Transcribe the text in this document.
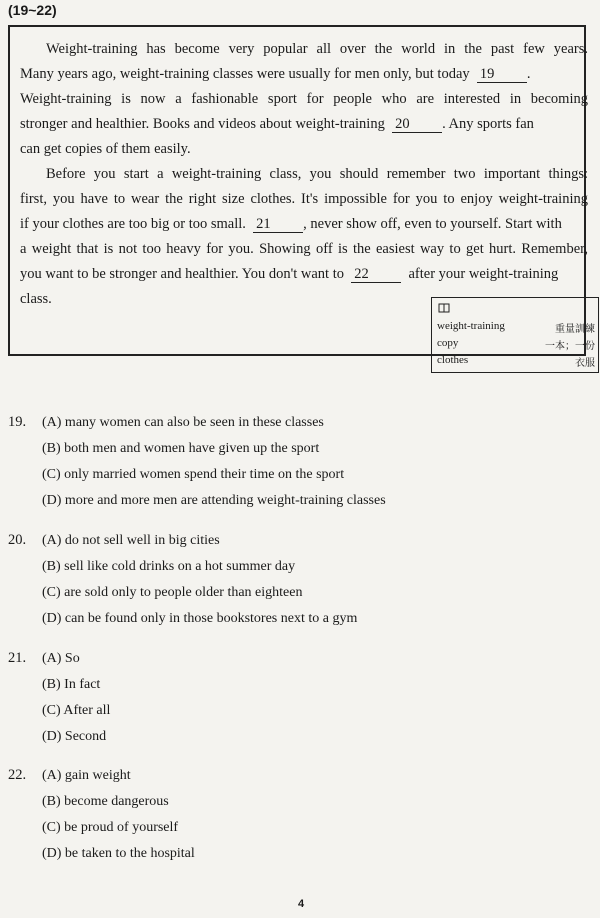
(19~22)

Weight-training has become very popular all over the world in the past few years.
Many years ago, weight-training classes were usually for men only, but today 19 .
Weight-training is now a fashionable sport for people who are interested in becoming
stronger and healthier. Books and videos about weight-training 20 . Any sports fan
can get copies of them easily.

Before you start a weight-training class, you should remember two important things:
first, you have to wear the right size clothes. It's impossible for you to enjoy weight-training
if your clothes are too big or too small. 21 , never show off, even to yourself. Start with
a weight that is not too heavy for you. Showing off is the easiest way to get hurt. Remember,
you want to be stronger and healthier. You don't want to 22	after your weight-training
class.

weight-training	重量訓練
copy	一本；一份
clothes	衣服
19. (A) many women can also be seen in these classes
(B) both men and women have given up the sport
(C) only married women spend their time on the sport
(D) more and more men are attending weight-training classes
20. (A) do not sell well in big cities
(B) sell like cold drinks on a hot summer day
(C) are sold only to people older than eighteen
(D) can be found only in those bookstores next to a gym
21. (A) So
(B) In fact
(C) After all
(D) Second
22. (A) gain weight
(B) become dangerous
(C) be proud of yourself
(D) be taken to the hospital
4
